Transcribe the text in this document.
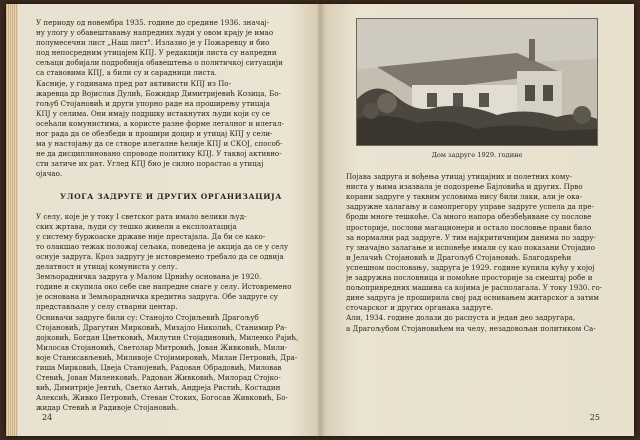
У периоду од новембра 1935. године до средине 1936. значај-
ну улогу у обавештавању напредних људи у овом крају је имао
полумесечни лист „Наш лист". Излазио је у Пожаревцу и био
под непосредним утицајем КПЈ. У редакцији листа су напредни
сељаци добијали подробнија обавештења о политичкој ситуацији
са ставовима КПЈ, а били су и сарадници листа.
Касније, у годинама пред рат активисти КПЈ из По-
жаревца др Војислав Дулић, Божидар Димитријевић Козица, Бо-
гољуб Стојановић и други упорно раде на проширењу утицаја
КПЈ у селима. Они имају подршку истакнутих људи који су се
осећали комунистима, а користе разне форме легалног и илегал-
ног рада да се обезбеди и прошири доцир и утицај КПЈ у сели-
ма у настојању да се створе илегалне ћелије КПЈ и СКОЈ, способ-
не да дисциплиновано спроводе политику КПЈ. У таквој активно-
сти затиче их рат. Углед КПЈ био је силно порастао а утицај
ојачао.
УЛОГА ЗАДРУГЕ И ДРУГИХ ОРГАНИЗАЦИЈА
У селу, које је у току I светског рата имало велики људ-
ских жртава, људи су тешко живели а експлоатација
у систему буржоаске државе није престајала. Да би се како-
то олакшао тежак положај сељака, поведена је акција да се у селу
оснује задруга. Кроз задругу је истовремено требало да се одвија
делатност и утицај комуниста у селу.
Земљорадничка задруга у Малом Црнићу основана је 1920.
године и скупила око себе све напредне снаге у селу. Истовремено
је основана и Земљорадничка кредитна задруга. Обе задруге су
представљале у селу стварни центар.
Оснивачи задруге били су: Станојло Стојиљевић Драгољуб
Стојановић, Драгутин Мирковић, Михајло Николић, Станимир Ра-
дојковић, Богдан Цветковић, Милутин Стојадиновић, Миленко Рајић,
Милосав Стојановић, Светолар Митровић, Јован Живковић, Мили-
воје Станисављевић, Миливоје Стојимировић, Милан Петровић, Дра-
гиша Мирковић, Цвеја Станојевић, Радован Обрадовић, Миловав
Стевић, Јован Миленковић, Радован Живковић, Милорад Стојко-
вић, Димитрије Јевтић, Светко Антић, Андреја Ристић, Костадин
Алексић, Живко Петровић, Стеван Стоких, Богосав Живковић, Бо-
жидар Стевић и Радивоје Стојановић.
24
Дом задруге 1929. године
Појава задруга и вођења утицај утицајних и полетних кому-
ниста у њима изазвала је подозрење Бајловића и других. Прво
корани задруге у таквим условима нису били лаки, али је ока-
задружне халагању и самопрегору управе задруге успела да пре-
броди многе тешкоће. Са много напора обезбеђиване су послове
просторије, послови магационери и остало пословње прави било
за нормални рад задруге. У тим најкритичнијим данима по задру-
гу значајно залагање и исповеђе имали су као показани Стојадио
и Јелачић Стојановић и Драгољуб Стојановић. Благодарећи
успешном пословању, задруга је 1929. године купила кућу у којој
је задружна пословница и помоћне просторије за смештај робе и
пољопривредних машина са којима је располагала. У току 1930. го-
дине задруга је проширила свој рад оснивањем житарског а затим
сточарског и других органака задруге.
Али, 1934. године долази до распуста и један део задругара,
а Драгољубом Стојановићем на челу, незадовољан политиком Са-
25
